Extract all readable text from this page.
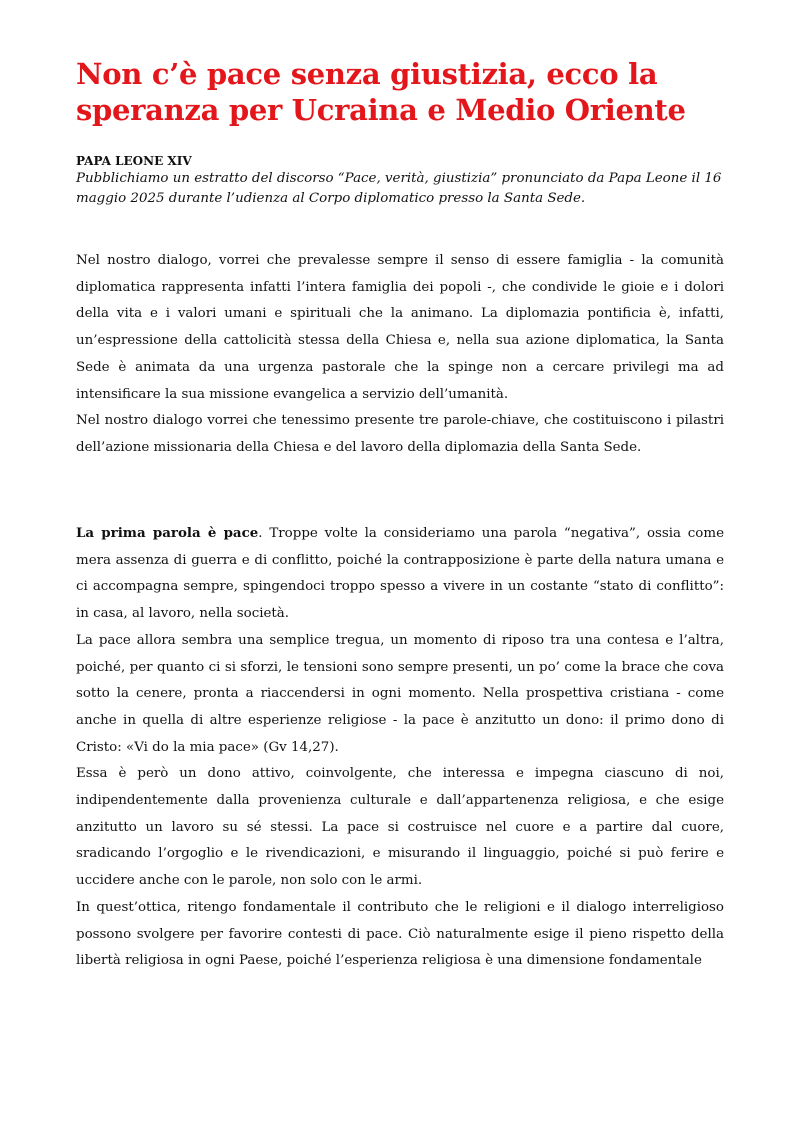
Non c’è pace senza giustizia, ecco la speranza per Ucraina e Medio Oriente
PAPA LEONE XIV
Pubblichiamo un estratto del discorso “Pace, verità, giustizia” pronunciato da Papa Leone il 16 maggio 2025 durante l’udienza al Corpo diplomatico presso la Santa Sede.

Nel nostro dialogo, vorrei che prevalesse sempre il senso di essere famiglia - la comunità diplomatica rappresenta infatti l’intera famiglia dei popoli -, che condivide le gioie e i dolori della vita e i valori umani e spirituali che la animano. La diplomazia pontificia è, infatti, un’espressione della cattolicità stessa della Chiesa e, nella sua azione diplomatica, la Santa Sede è animata da una urgenza pastorale che la spinge non a cercare privilegi ma ad intensificare la sua missione evangelica a servizio dell’umanità.

Nel nostro dialogo vorrei che tenessimo presente tre parole-chiave, che costituiscono i pilastri dell’azione missionaria della Chiesa e del lavoro della diplomazia della Santa Sede.

La prima parola è pace. Troppe volte la consideriamo una parola “negativa”, ossia come mera assenza di guerra e di conflitto, poiché la contrapposizione è parte della natura umana e ci accompagna sempre, spingendoci troppo spesso a vivere in un costante “stato di conflitto”: in casa, al lavoro, nella società.

La pace allora sembra una semplice tregua, un momento di riposo tra una contesa e l’altra, poiché, per quanto ci si sforzi, le tensioni sono sempre presenti, un po’ come la brace che cova sotto la cenere, pronta a riaccendersi in ogni momento. Nella prospettiva cristiana - come anche in quella di altre esperienze religiose - la pace è anzitutto un dono: il primo dono di Cristo: «Vi do la mia pace» (Gv 14,27).

Essa è però un dono attivo, coinvolgente, che interessa e impegna ciascuno di noi, indipendentemente dalla provenienza culturale e dall’appartenenza religiosa, e che esige anzitutto un lavoro su sé stessi. La pace si costruisce nel cuore e a partire dal cuore, sradicando l’orgoglio e le rivendicazioni, e misurando il linguaggio, poiché si può ferire e uccidere anche con le parole, non solo con le armi.

In quest’ottica, ritengo fondamentale il contributo che le religioni e il dialogo interreligioso possono svolgere per favorire contesti di pace. Ciò naturalmente esige il pieno rispetto della libertà religiosa in ogni Paese, poiché l’esperienza religiosa è una dimensione fondamentale
